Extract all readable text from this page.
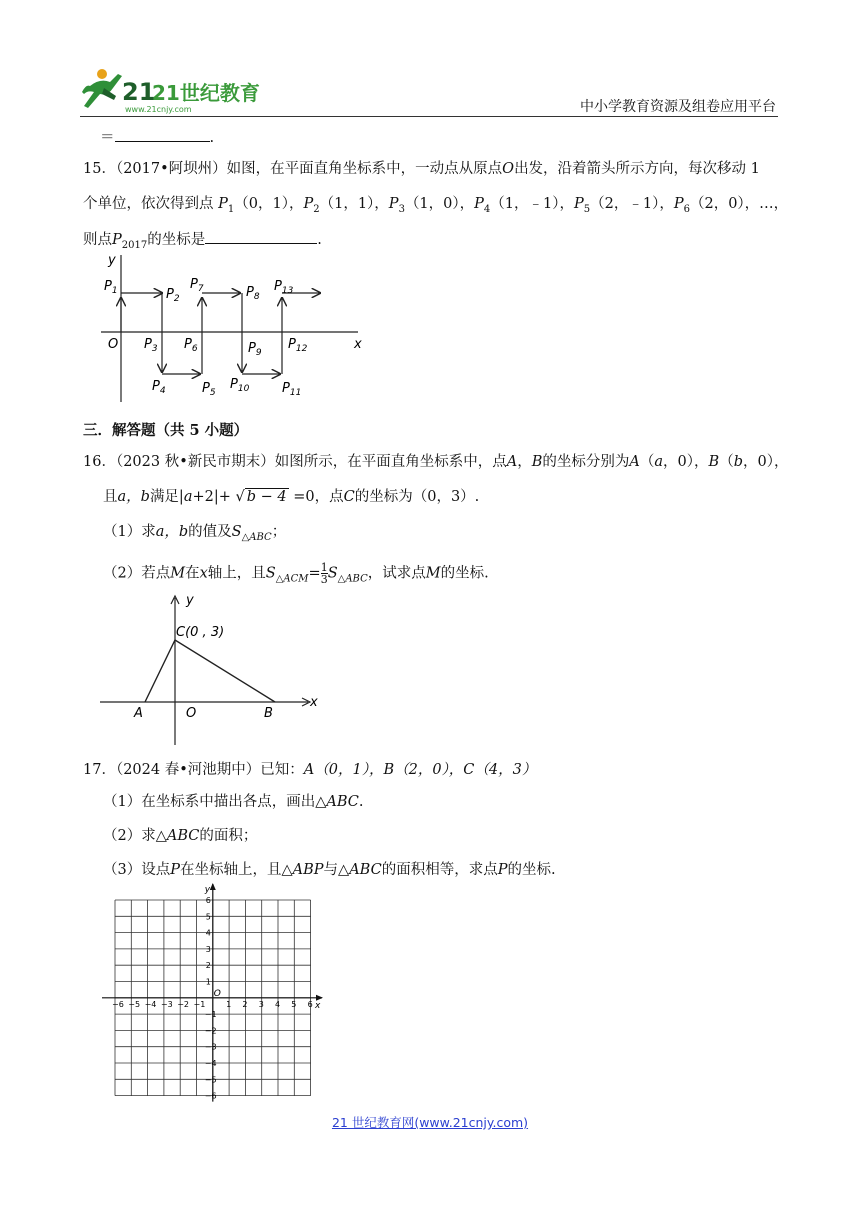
21
21世纪教育
www.21cnjy.com	中小学教育资源及组卷应用平台
＝	.
15．（2017•阿坝州）如图，在平面直角坐标系中，一动点从原点O出发，沿着箭头所示方向，每次移动 1
个单位，依次得到点 $P_1(0$，1），$P_2(1$，1），$P_3(1$，0），$P_4(1$，﹣1），$P_5(2$，﹣1），$P_6(2$，0），…，
则点$P_{2017}$的坐标是	.
y
x
O
$P_1$	$P_2$
$P_3$
$P_4$	$P_5$
$P_6$
$P_7$	$P_8$
$P_9$
$P_{10}$	$P_{11}$
$P_{12}$
$P_{13}$
三．解答题（共 5 小题）
16．（2023 秋•新民市期末）如图所示，在平面直角坐标系中，点A，B的坐标分别为A（a，0），B（b，0），
且a，b满足|a+2|+ √ b − 4 =0，点C的坐标为（0，3）.
（1）求a，b的值及$S_{\triangle ABC}$；
（2）若点M在x轴上，且$S_{\triangle ACM}= \frac{1}{3} S_{\triangle ABC}$，试求点M的坐标.
y
x
C(0 , 3)
A	O	B
17．（2024 春•河池期中）已知：A（0，1），B（2，0），C（4，3）
（1）在坐标系中描出各点，画出△ABC.
（2）求△ABC的面积；
（3）设点P在坐标轴上，且△ABP与△ABC的面积相等，求点P的坐标.
y
x
O
−6 −5 −4 −3 −2 −1	1 2 3 4 5 6
1
2
3
4
5
6
−1
−2
−3
−4
−5
−6
21 世纪教育网(www.21cnjy.com)
